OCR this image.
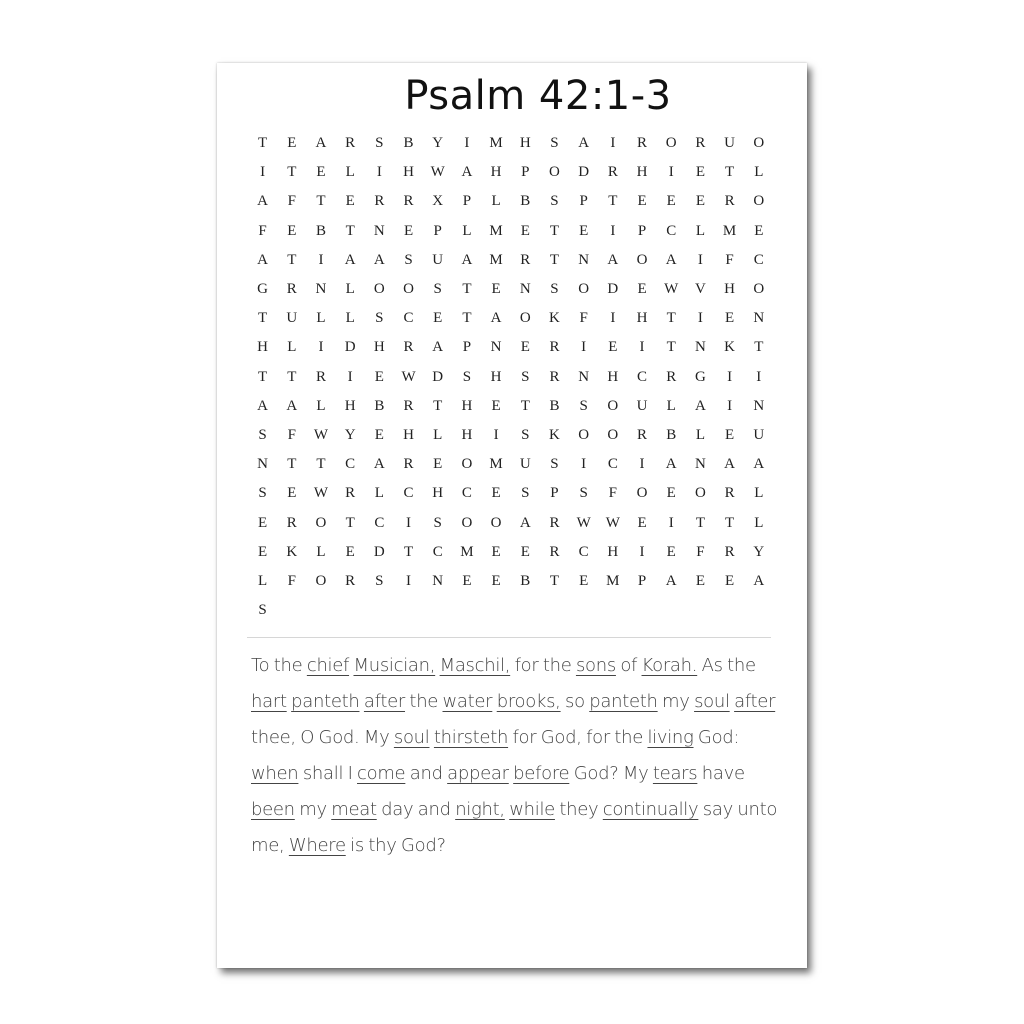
Psalm 42:1-3
T	E	A	R	S	B	Y	I	M	H	S	A	I	R	O	R	U	O
I	T	E	L	I	H	W	A	H	P	O	D	R	H	I	E	T	L
A	F	T	E	R	R	X	P	L	B	S	P	T	E	E	E	R	O
F	E	B	T	N	E	P	L	M	E	T	E	I	P	C	L	M	E
A	T	I	A	A	S	U	A	M	R	T	N	A	O	A	I	F	C
G	R	N	L	O	O	S	T	E	N	S	O	D	E	W	V	H	O
T	U	L	L	S	C	E	T	A	O	K	F	I	H	T	I	E	N
H	L	I	D	H	R	A	P	N	E	R	I	E	I	T	N	K	T
T	T	R	I	E	W	D	S	H	S	R	N	H	C	R	G	I	I
A	A	L	H	B	R	T	H	E	T	B	S	O	U	L	A	I	N
S	F	W	Y	E	H	L	H	I	S	K	O	O	R	B	L	E	U
N	T	T	C	A	R	E	O	M	U	S	I	C	I	A	N	A	A
S	E	W	R	L	C	H	C	E	S	P	S	F	O	E	O	R	L
E	R	O	T	C	I	S	O	O	A	R	W	W	E	I	T	T	L
E	K	L	E	D	T	C	M	E	E	R	C	H	I	E	F	R	Y
L	F	O	R	S	I	N	E	E	B	T	E	M	P	A	E	E	A
S
To the chief Musician, Maschil, for the sons of Korah. As the hart panteth after the water brooks, so panteth my soul after thee, O God. My soul thirsteth for God, for the living God: when shall I come and appear before God? My tears have been my meat day and night, while they continually say unto me, Where is thy God?
